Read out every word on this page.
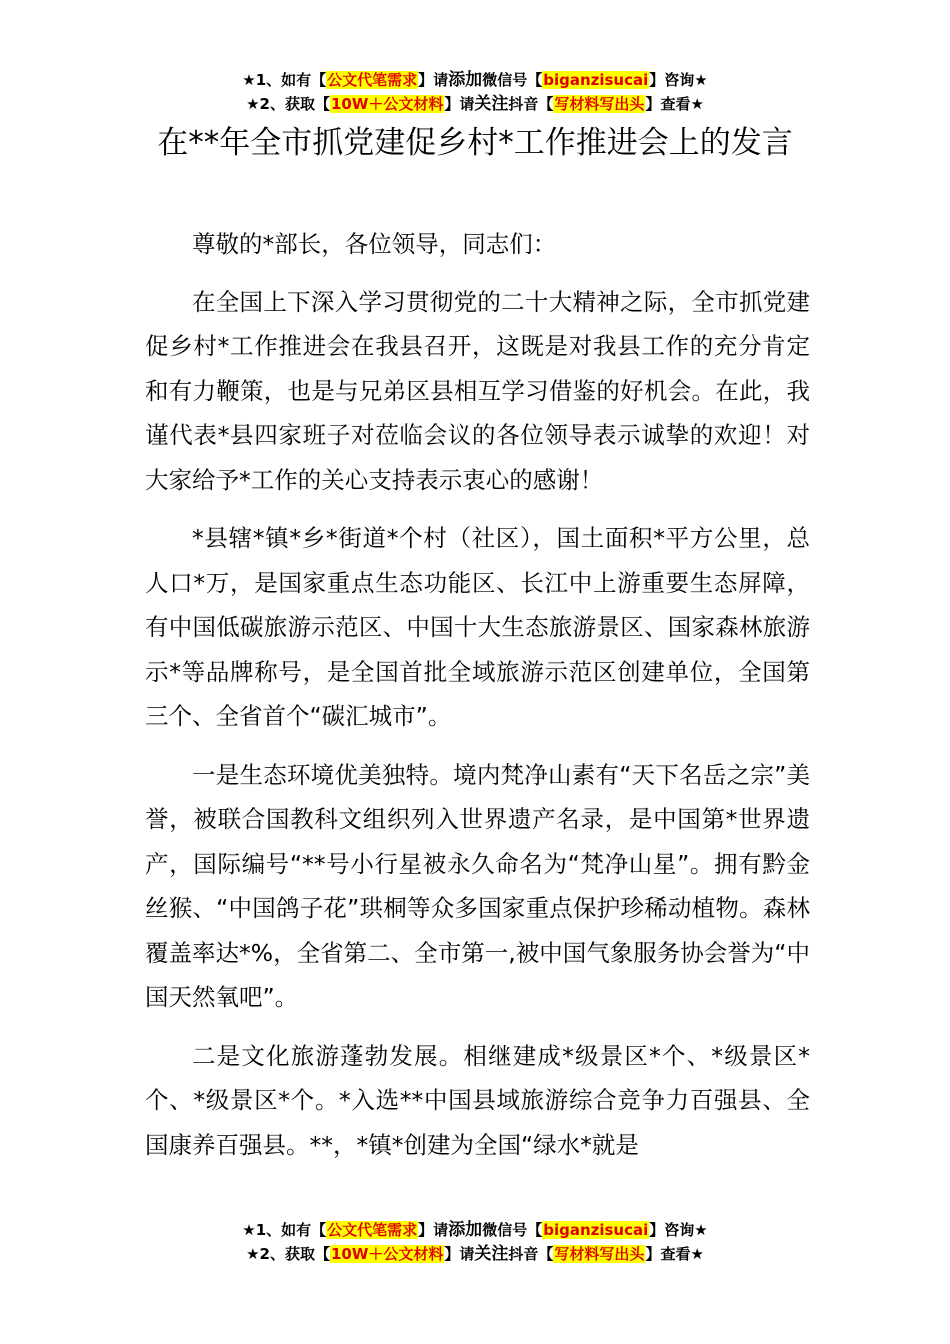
★1、如有【公文代笔需求】请添加微信号【biganzisucai】咨询★
★2、获取【10W＋公文材料】请关注抖音【写材料写出头】查看★
在**年全市抓党建促乡村*工作推进会上的发言

尊敬的*部长，各位领导，同志们：

在全国上下深入学习贯彻党的二十大精神之际，全市抓党建促乡村*工作推进会在我县召开，这既是对我县工作的充分肯定和有力鞭策，也是与兄弟区县相互学习借鉴的好机会。在此，我谨代表*县四家班子对莅临会议的各位领导表示诚挚的欢迎！对大家给予*工作的关心支持表示衷心的感谢！

*县辖*镇*乡*街道*个村（社区），国土面积*平方公里，总人口*万，是国家重点生态功能区、长江中上游重要生态屏障，有中国低碳旅游示范区、中国十大生态旅游景区、国家森林旅游示*等品牌称号，是全国首批全域旅游示范区创建单位，全国第三个、全省首个“碳汇城市”。

一是生态环境优美独特。境内梵净山素有“天下名岳之宗”美誉，被联合国教科文组织列入世界遗产名录，是中国第*世界遗产，国际编号“**号小行星被永久命名为“梵净山星”。拥有黔金丝猴、“中国鸽子花”珙桐等众多国家重点保护珍稀动植物。森林覆盖率达*%，全省第二、全市第一,被中国气象服务协会誉为“中国天然氧吧”。

二是文化旅游蓬勃发展。相继建成*级景区*个、*级景区*个、*级景区*个。*入选**中国县域旅游综合竞争力百强县、全国康养百强县。**，*镇*创建为全国“绿水*就是

★1、如有【公文代笔需求】请添加微信号【biganzisucai】咨询★
★2、获取【10W＋公文材料】请关注抖音【写材料写出头】查看★
